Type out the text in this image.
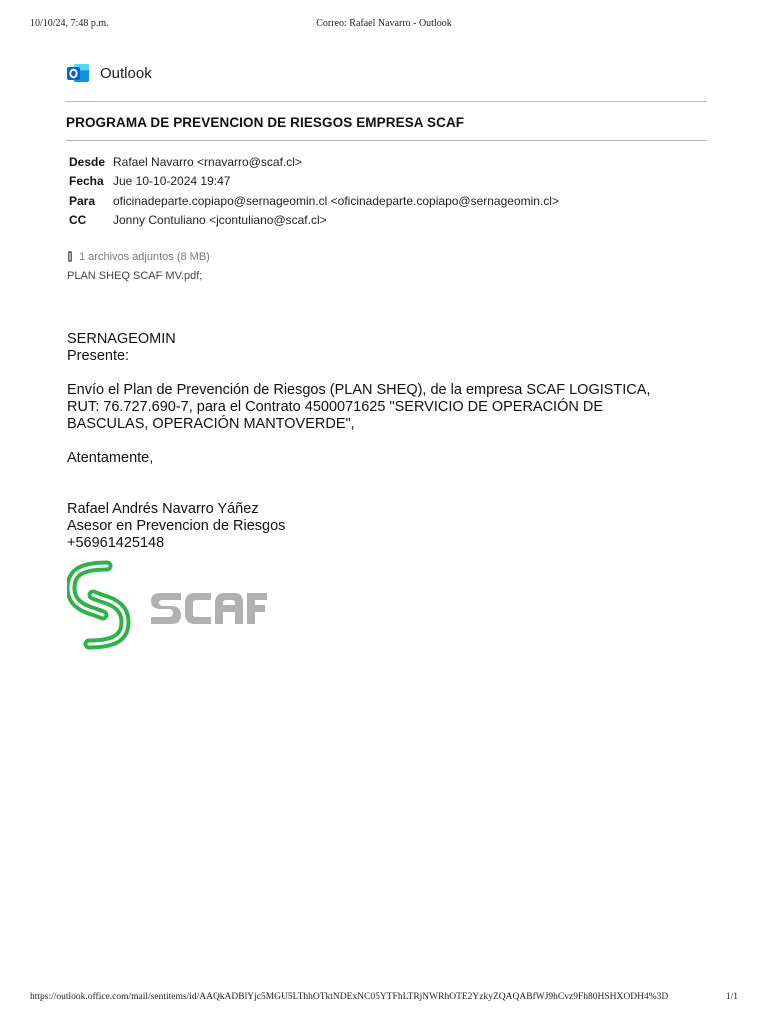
10/10/24, 7:48 p.m.	Correo: Rafael Navarro - Outlook
Outlook
PROGRAMA DE PREVENCION DE RIESGOS EMPRESA SCAF
Desde Rafael Navarro <rnavarro@scaf.cl>
Fecha Jue 10-10-2024 19:47
Para	oficinadeparte.copiapo@sernageomin.cl <oficinadeparte.copiapo@sernageomin.cl>
CC	Jonny Contuliano <jcontuliano@scaf.cl>
1 archivos adjuntos (8 MB)
PLAN SHEQ SCAF MV.pdf;

SERNAGEOMIN

Presente:

Envío el Plan de Prevención de Riesgos (PLAN SHEQ), de la empresa SCAF LOGISTICA,

RUT: 76.727.690-7, para el Contrato 4500071625 "SERVICIO DE OPERACIÓN DE

BASCULAS, OPERACIÓN MANTOVERDE",

Atentamente,

Rafael Andrés Navarro Yáñez

Asesor en Prevencion de Riesgos

+56961425148

https://outlook.office.com/mail/sentitems/id/AAQkADBlYjc5MGU5LThhOTktNDExNC05YTFhLTRjNWRhOTE2YzkyZQAQABfWJ9hCvz9Fh80HSHXODH4%3D	1/1
